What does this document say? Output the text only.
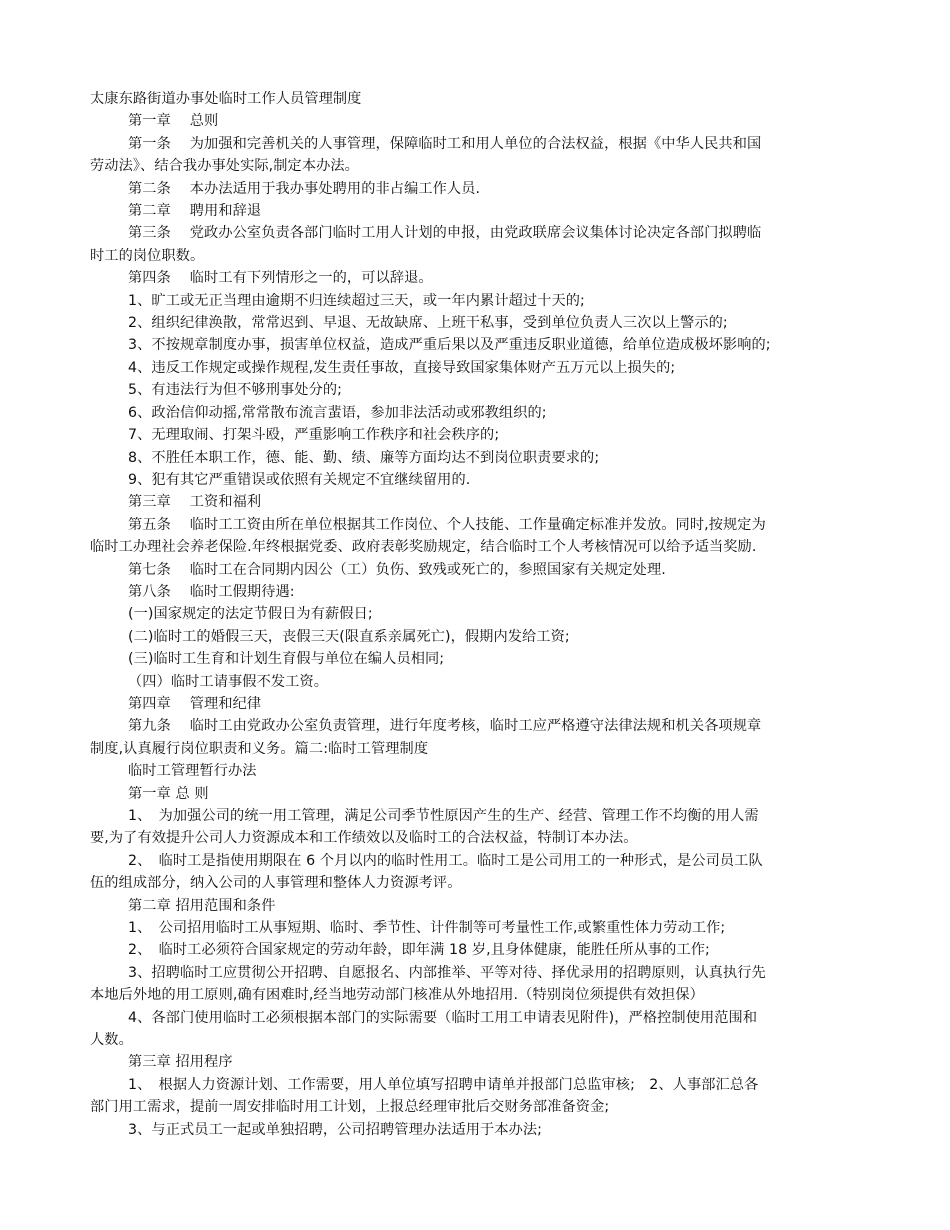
太康东路街道办事处临时工作人员管理制度
第一章　 总则
第一条　 为加强和完善机关的人事管理，保障临时工和用人单位的合法权益，根据《中华人民共和国
劳动法》、结合我办事处实际,制定本办法。
第二条　 本办法适用于我办事处聘用的非占编工作人员.
第二章　 聘用和辞退
第三条　 党政办公室负责各部门临时工用人计划的申报，由党政联席会议集体讨论决定各部门拟聘临
时工的岗位职数。
第四条　 临时工有下列情形之一的，可以辞退。
1、旷工或无正当理由逾期不归连续超过三天，或一年内累计超过十天的;
2、组织纪律涣散，常常迟到、早退、无故缺席、上班干私事，受到单位负责人三次以上警示的;
3、不按规章制度办事，损害单位权益，造成严重后果以及严重违反职业道德，给单位造成极坏影响的;
4、违反工作规定或操作规程,发生责任事故，直接导致国家集体财产五万元以上损失的;
5、有违法行为但不够刑事处分的;
6、政治信仰动摇,常常散布流言蜚语，参加非法活动或邪教组织的;
7、无理取闹、打架斗殴，严重影响工作秩序和社会秩序的;
8、不胜任本职工作，德、能、勤、绩、廉等方面均达不到岗位职责要求的;
9、犯有其它严重错误或依照有关规定不宜继续留用的.
第三章　 工资和福利
第五条　 临时工工资由所在单位根据其工作岗位、个人技能、工作量确定标准并发放。同时,按规定为
临时工办理社会养老保险.年终根据党委、政府表彰奖励规定，结合临时工个人考核情况可以给予适当奖励.
第七条　 临时工在合同期内因公（工）负伤、致残或死亡的，参照国家有关规定处理.
第八条　 临时工假期待遇:
(一)国家规定的法定节假日为有薪假日;
(二)临时工的婚假三天，丧假三天(限直系亲属死亡)，假期内发给工资;
(三)临时工生育和计划生育假与单位在编人员相同;
（四）临时工请事假不发工资。
第四章　 管理和纪律
第九条　 临时工由党政办公室负责管理，进行年度考核，临时工应严格遵守法律法规和机关各项规章
制度,认真履行岗位职责和义务。篇二:临时工管理制度
临时工管理暂行办法
第一章 总 则
1、　为加强公司的统一用工管理，满足公司季节性原因产生的生产、经营、管理工作不均衡的用人需
要,为了有效提升公司人力资源成本和工作绩效以及临时工的合法权益，特制订本办法。
2、　临时工是指使用期限在 6 个月以内的临时性用工。临时工是公司用工的一种形式，是公司员工队
伍的组成部分，纳入公司的人事管理和整体人力资源考评。
第二章 招用范围和条件
1、　公司招用临时工从事短期、临时、季节性、计件制等可考量性工作,或繁重性体力劳动工作;
2、　临时工必须符合国家规定的劳动年龄，即年满 18 岁,且身体健康，能胜任所从事的工作;
3、招聘临时工应贯彻公开招聘、自愿报名、内部推举、平等对待、择优录用的招聘原则，认真执行先
本地后外地的用工原则,确有困难时,经当地劳动部门核准从外地招用.（特别岗位须提供有效担保）
4、各部门使用临时工必须根据本部门的实际需要（临时工用工申请表见附件)，严格控制使用范围和
人数。
第三章 招用程序
1、　根据人力资源计划、工作需要，用人单位填写招聘申请单并报部门总监审核;　2、人事部汇总各
部门用工需求，提前一周安排临时用工计划，上报总经理审批后交财务部准备资金;
3、与正式员工一起或单独招聘，公司招聘管理办法适用于本办法;
